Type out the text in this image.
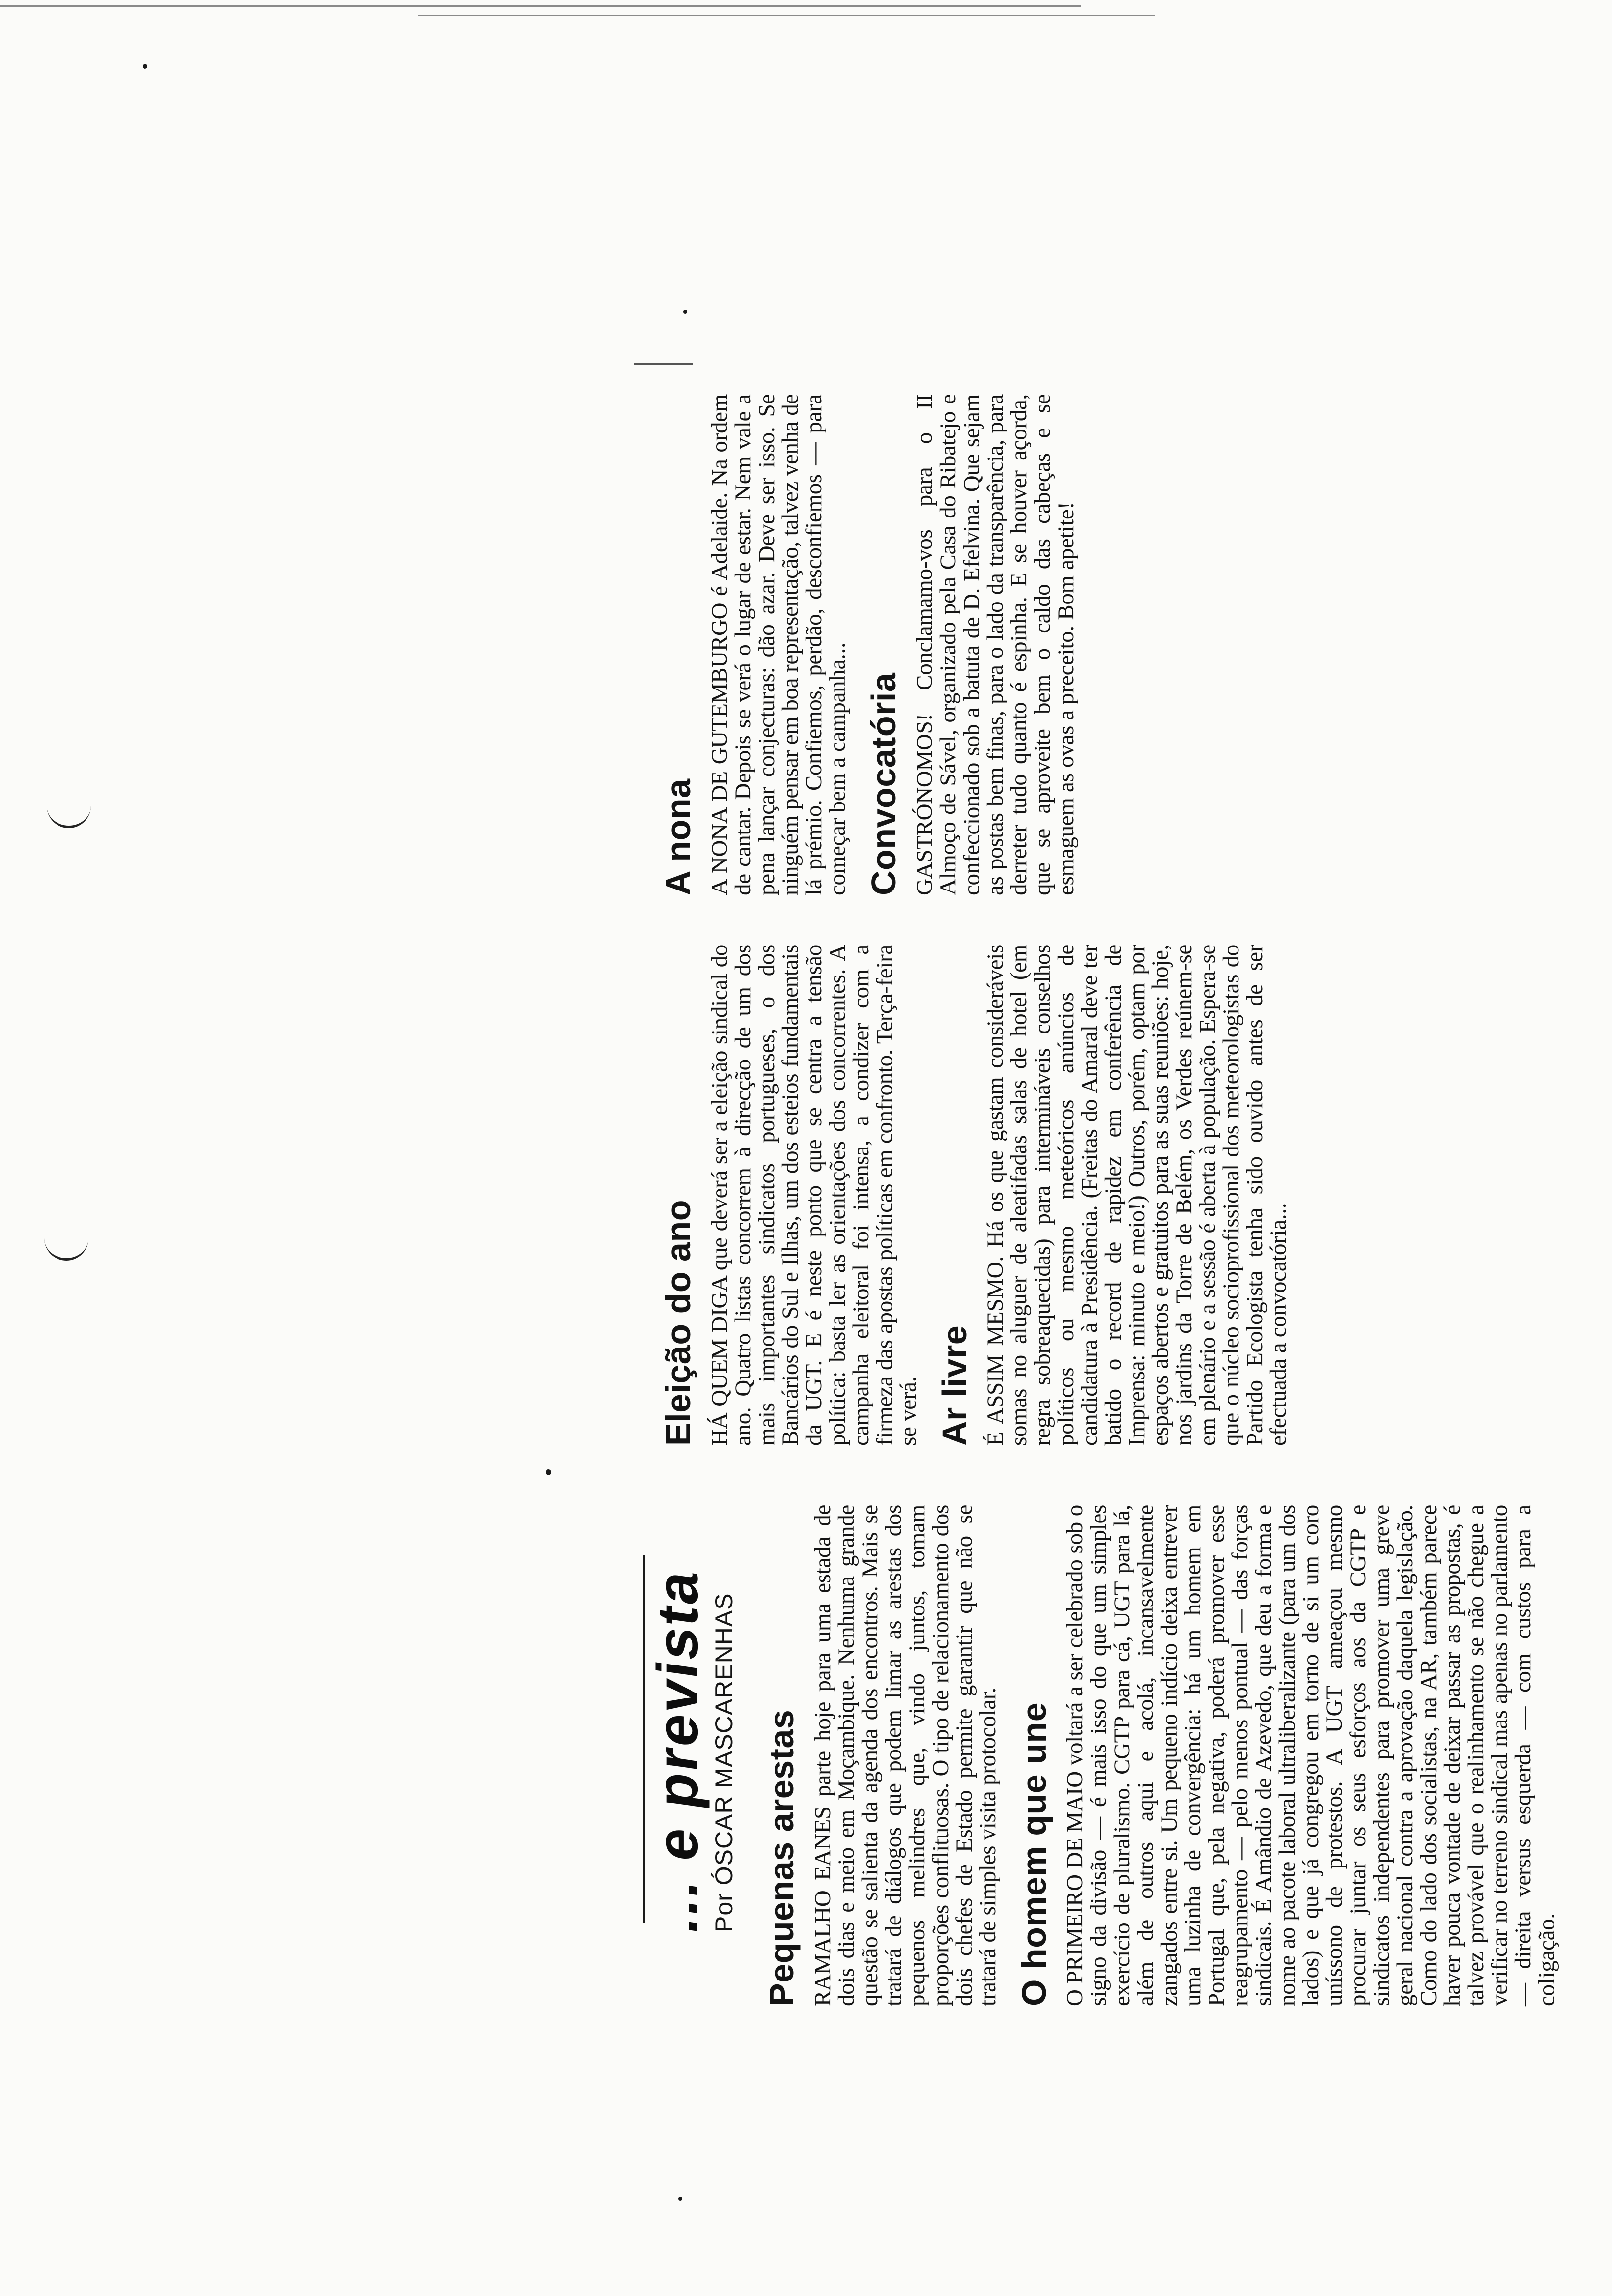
... e prevista Por ÓSCAR MASCARENHAS Pequenas arestas RAMALHO EANES parte hoje para uma estada de dois dias e meio em Moçambique. Nenhuma grande questão se salienta da agenda dos encontros. Mais se tratará de diálogos que podem limar as arestas dos pequenos melindres que, vindo juntos, tomam proporções conflituosas. O tipo de relacionamento dos dois chefes de Estado permite garantir que não se tratará de simples visita protocolar. O homem que une O PRIMEIRO DE MAIO voltará a ser celebrado sob o signo da divisão — é mais isso do que um simples exercício de pluralismo. CGTP para cá, UGT para lá, além de outros aqui e acolá, incansavelmente zangados entre si. Um pequeno indício deixa entrever uma luzinha de convergência: há um homem em Portugal que, pela negativa, poderá promover esse reagrupamento — pelo menos pontual — das forças sindicais. É Amândio de Azevedo, que deu a forma e nome ao pacote laboral ultraliberalizante (para um dos lados) e que já congregou em torno de si um coro uníssono de protestos. A UGT ameaçou mesmo procurar juntar os seus esforços aos da CGTP e sindicatos independentes para promover uma greve geral nacional contra a aprovação daquela legislação. Como do lado dos socialistas, na AR, também parece haver pouca vontade de deixar passar as propostas, é talvez provável que o realinhamento se não chegue a verificar no terreno sindical mas apenas no parlamento — direita versus esquerda — com custos para a coligação.

Eleição do ano HÁ QUEM DIGA que deverá ser a eleição sindical do ano. Quatro listas concorrem à direcção de um dos mais importantes sindicatos portugueses, o dos Bancários do Sul e Ilhas, um dos esteios fundamentais da UGT. E é neste ponto que se centra a tensão política: basta ler as orientações dos concorrentes. A campanha eleitoral foi intensa, a condizer com a firmeza das apostas políticas em confronto. Terça-feira se verá. Ar livre É ASSIM MESMO. Há os que gastam consideráveis somas no aluguer de aleatifadas salas de hotel (em regra sobreaquecidas) para intermináveis conselhos políticos ou mesmo meteóricos anúncios de candidatura à Presidência. (Freitas do Amaral deve ter batido o record de rapidez em conferência de Imprensa: minuto e meio!) Outros, porém, optam por espaços abertos e gratuitos para as suas reuniões: hoje, nos jardins da Torre de Belém, os Verdes reúnem-se em plenário e a sessão é aberta à população. Espera-se que o núcleo socioprofissional dos meteorologistas do Partido Ecologista tenha sido ouvido antes de ser efectuada a convocatória...

A nona A NONA DE GUTEMBURGO é Adelaide. Na ordem de cantar. Depois se verá o lugar de estar. Nem vale a pena lançar conjecturas: dão azar. Deve ser isso. Se ninguém pensar em boa representação, talvez venha de lá prémio. Confiemos, perdão, desconfiemos — para começar bem a campanha... Convocatória GASTRÓNOMOS! Conclamamo-vos para o II Almoço de Sável, organizado pela Casa do Ribatejo e confeccionado sob a batuta de D. Efelvina. Que sejam as postas bem finas, para o lado da transparência, para derreter tudo quanto é espinha. E se houver açorda, que se aproveite bem o caldo das cabeças e se esmaguem as ovas a preceito. Bom apetite!
